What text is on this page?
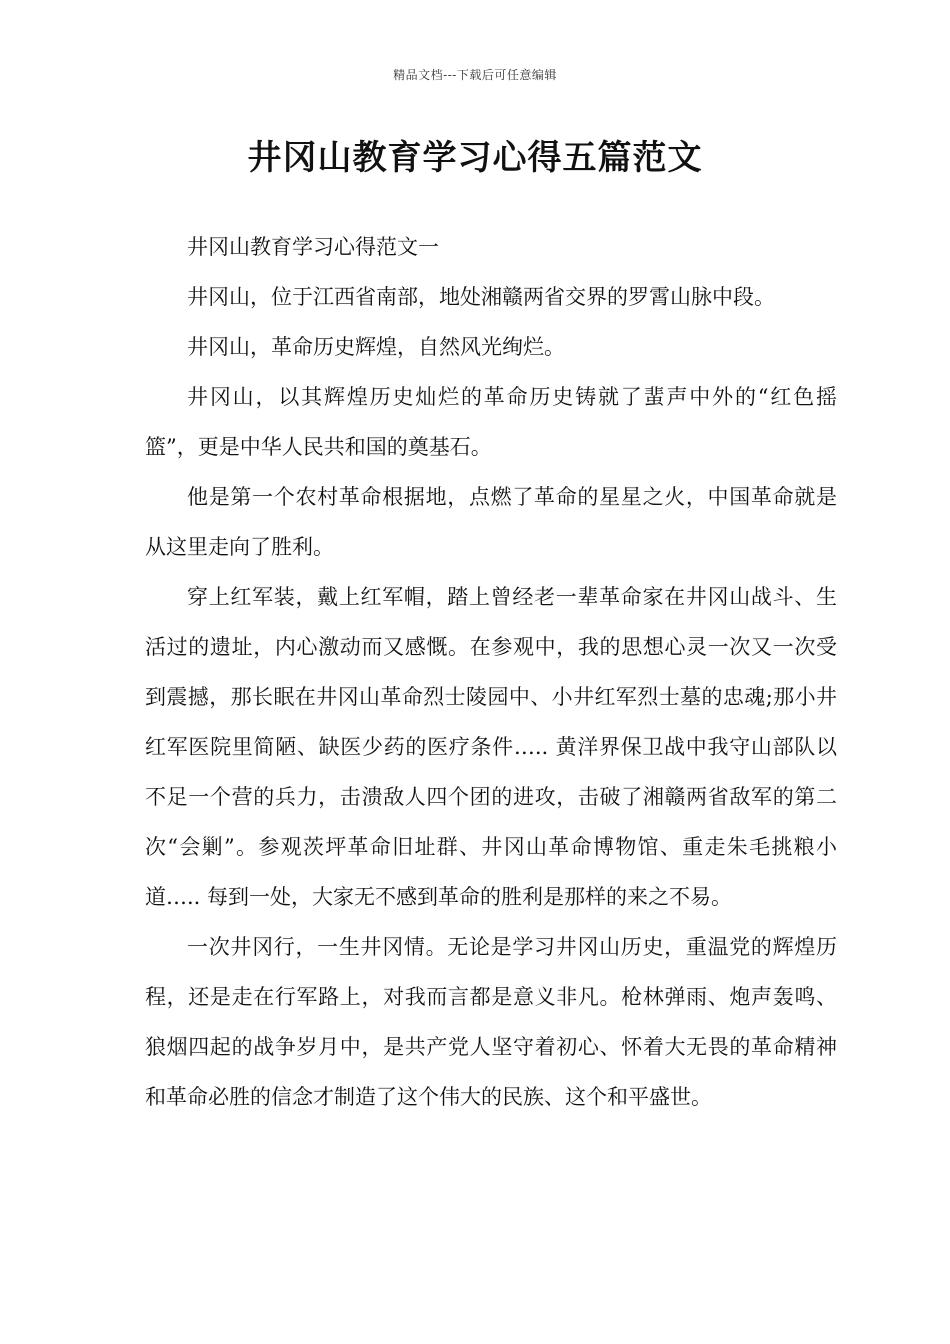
精品文档---下载后可任意编辑
井冈山教育学习心得五篇范文

井冈山教育学习心得范文一

井冈山，位于江西省南部，地处湘赣两省交界的罗霄山脉中段。

井冈山，革命历史辉煌，自然风光绚烂。

井冈山，以其辉煌历史灿烂的革命历史铸就了蜚声中外的“红色摇篮”，更是中华人民共和国的奠基石。

他是第一个农村革命根据地，点燃了革命的星星之火，中国革命就是从这里走向了胜利。

穿上红军装，戴上红军帽，踏上曾经老一辈革命家在井冈山战斗、生活过的遗址，内心激动而又感慨。在参观中，我的思想心灵一次又一次受到震撼，那长眠在井冈山革命烈士陵园中、小井红军烈士墓的忠魂;那小井红军医院里简陋、缺医少药的医疗条件….. 黄洋界保卫战中我守山部队以不足一个营的兵力，击溃敌人四个团的进攻，击破了湘赣两省敌军的第二次“会剿”。参观茨坪革命旧址群、井冈山革命博物馆、重走朱毛挑粮小道….. 每到一处，大家无不感到革命的胜利是那样的来之不易。

一次井冈行，一生井冈情。无论是学习井冈山历史，重温党的辉煌历程，还是走在行军路上，对我而言都是意义非凡。枪林弹雨、炮声轰鸣、狼烟四起的战争岁月中，是共产党人坚守着初心、怀着大无畏的革命精神和革命必胜的信念才制造了这个伟大的民族、这个和平盛世。
